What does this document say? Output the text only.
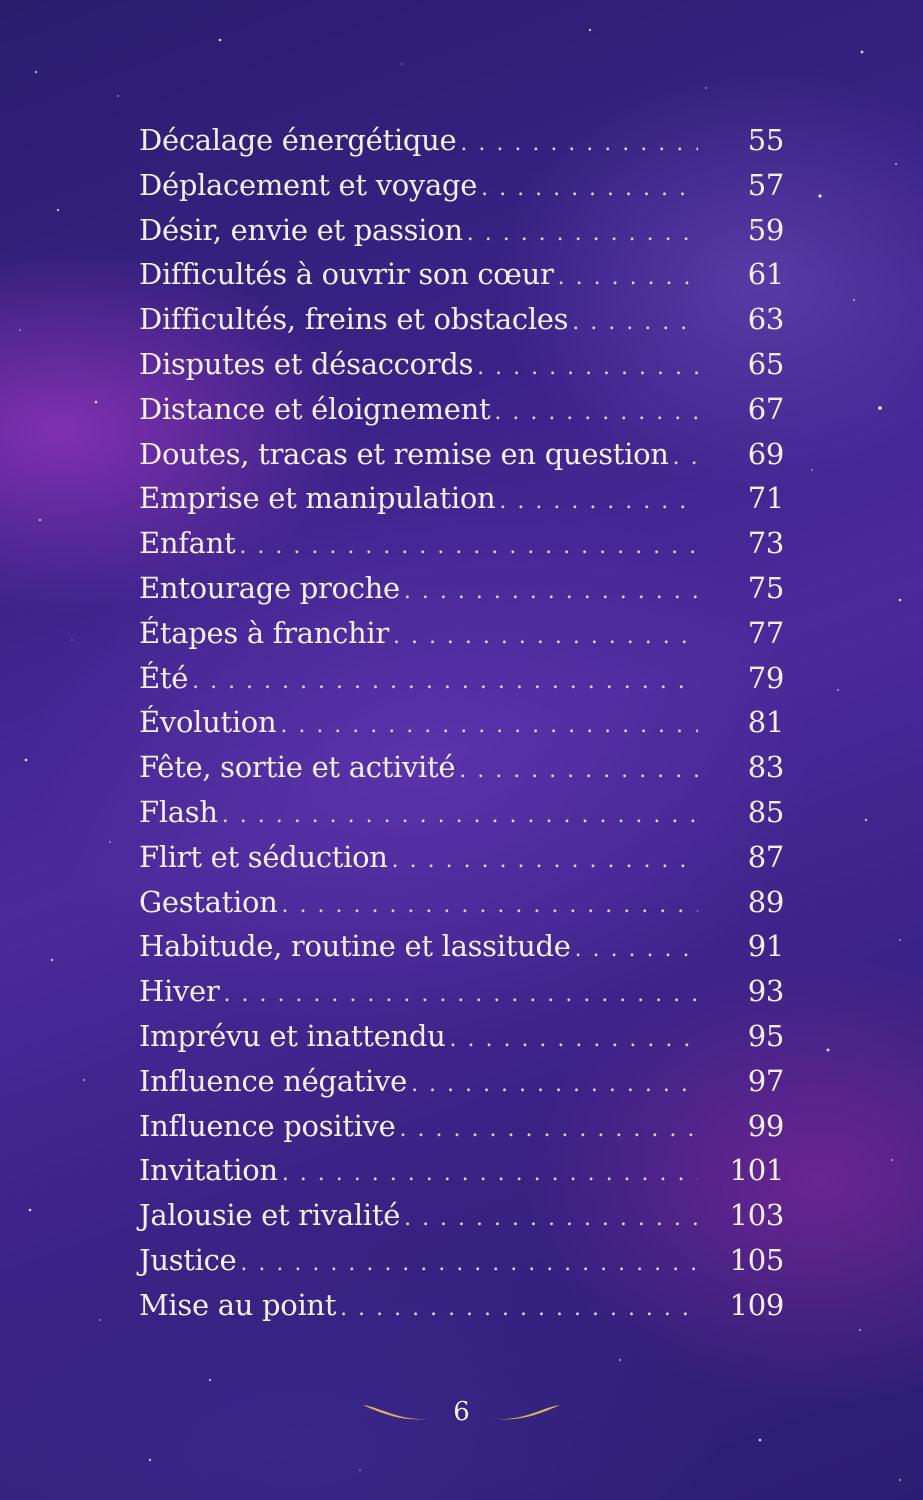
Décalage énergétique . . .	55
Déplacement et voyage . . .	57
Désir, envie et passion . . .	59
Difficultés à ouvrir son cœur . . .	61
Difficultés, freins et obstacles . . .	63
Disputes et désaccords . . .	65
Distance et éloignement . . .	67
Doutes, tracas et remise en question . . .	69
Emprise et manipulation . . .	71
Enfant . . .	73
Entourage proche . . .	75
Étapes à franchir . . .	77
Été . . .	79
Évolution . . .	81
Fête, sortie et activité . . .	83
Flash . . .	85
Flirt et séduction . . .	87
Gestation . . .	89
Habitude, routine et lassitude . . .	91
Hiver . . .	93
Imprévu et inattendu . . .	95
Influence négative . . .	97
Influence positive . . .	99
Invitation . . .	101
Jalousie et rivalité . . .	103
Justice . . .	105
Mise au point . . .	109
6
